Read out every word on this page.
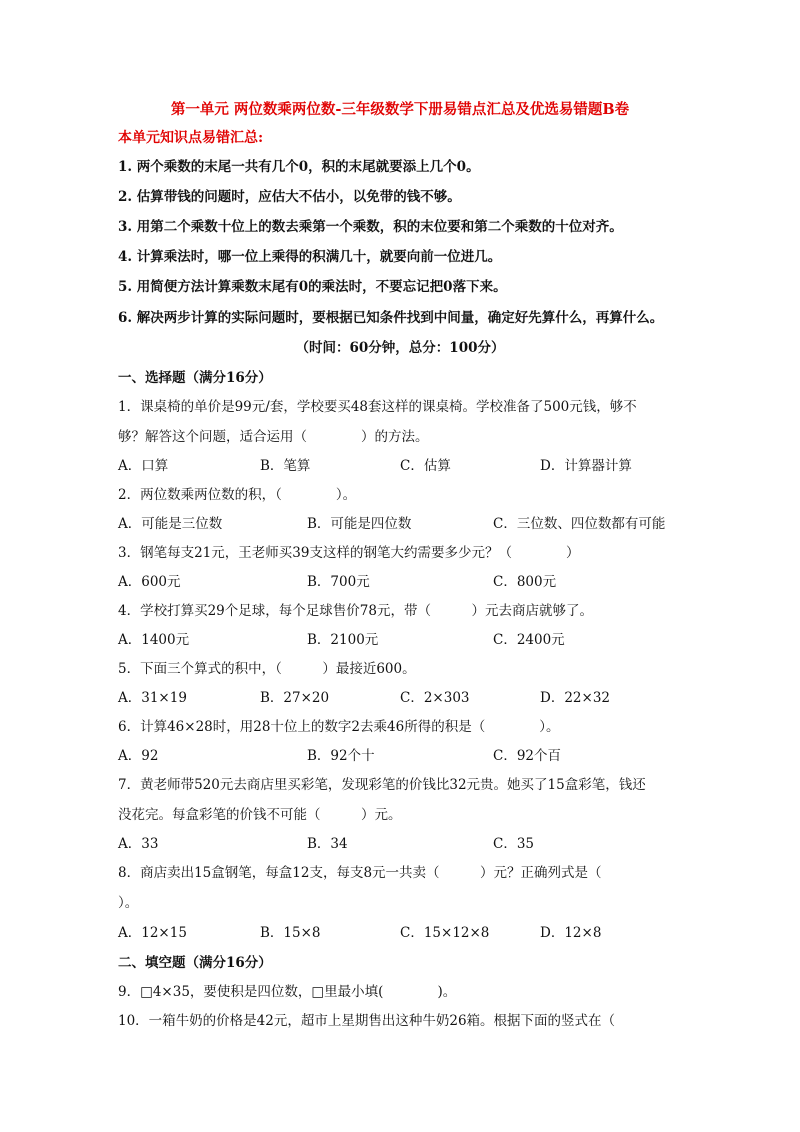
第一单元 两位数乘两位数-三年级数学下册易错点汇总及优选易错题B卷
本单元知识点易错汇总:
1. 两个乘数的末尾一共有几个0，积的末尾就要添上几个0。
2. 估算带钱的问题时，应估大不估小，以免带的钱不够。
3. 用第二个乘数十位上的数去乘第一个乘数，积的末位要和第二个乘数的十位对齐。
4. 计算乘法时，哪一位上乘得的积满几十，就要向前一位进几。
5. 用简便方法计算乘数末尾有0的乘法时，不要忘记把0落下来。
6. 解决两步计算的实际问题时，要根据已知条件找到中间量，确定好先算什么，再算什么。
（时间：60分钟，总分：100分）
一、选择题（满分16分）
1．课桌椅的单价是99元/套，学校要买48套这样的课桌椅。学校准备了500元钱，够不
够？解答这个问题，适合运用（　　　　）的方法。
A．口算	B．笔算	C．估算	D．计算器计算
2．两位数乘两位数的积，（　　　　）。
A．可能是三位数	B．可能是四位数	C．三位数、四位数都有可能
3．钢笔每支21元，王老师买39支这样的钢笔大约需要多少元？（　　　　）
A．600元	B．700元	C．800元
4．学校打算买29个足球，每个足球售价78元，带（　　　）元去商店就够了。
A．1400元	B．2100元	C．2400元
5．下面三个算式的积中，（　　　）最接近600。
A．31×19	B．27×20	C．2×303	D．22×32
6．计算46×28时，用28十位上的数字2去乘46所得的积是（　　　　）。
A．92	B．92个十	C．92个百
7．黄老师带520元去商店里买彩笔，发现彩笔的价钱比32元贵。她买了15盒彩笔，钱还
没花完。每盒彩笔的价钱不可能（　　　）元。
A．33	B．34	C．35
8．商店卖出15盒钢笔，每盒12支，每支8元一共卖（　　　）元？正确列式是（
）。
A．12×15	B．15×8	C．15×12×8	D．12×8
二、填空题（满分16分）
9．□4×35，要使积是四位数，□里最小填(　　　　)。
10．一箱牛奶的价格是42元，超市上星期售出这种牛奶26箱。根据下面的竖式在（
